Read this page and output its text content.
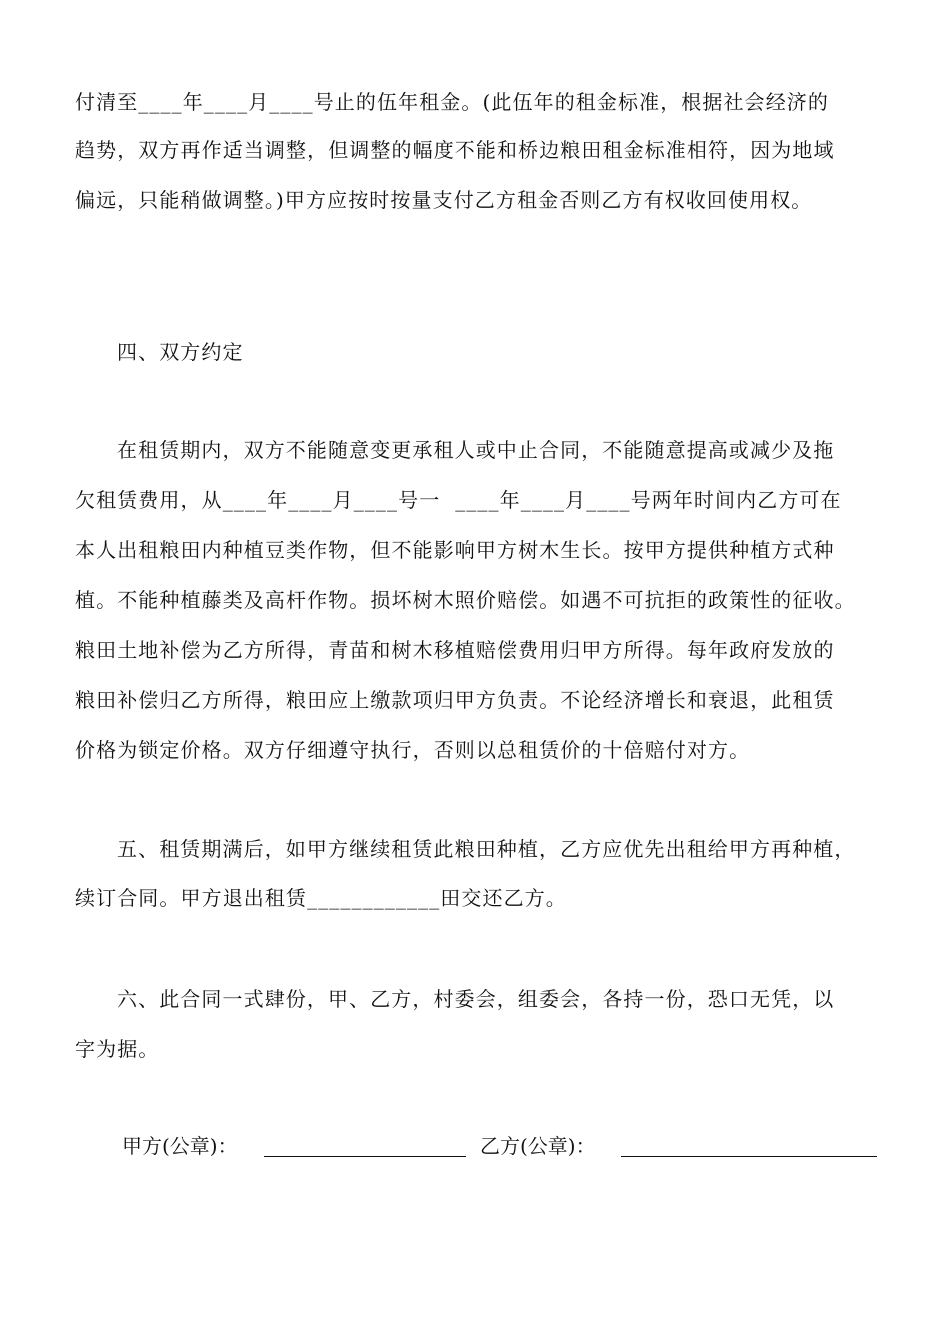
付清至____年____月____号止的伍年租金。(此伍年的租金标准，根据社会经济的
趋势，双方再作适当调整，但调整的幅度不能和桥边粮田租金标准相符，因为地域
偏远，只能稍做调整。)甲方应按时按量支付乙方租金否则乙方有权收回使用权。
四、双方约定
在租赁期内，双方不能随意变更承租人或中止合同，不能随意提高或减少及拖
欠租赁费用，从____年____月____号一  ____年____月____号两年时间内乙方可在
本人出租粮田内种植豆类作物，但不能影响甲方树木生长。按甲方提供种植方式种
植。不能种植藤类及高杆作物。损坏树木照价赔偿。如遇不可抗拒的政策性的征收。
粮田土地补偿为乙方所得，青苗和树木移植赔偿费用归甲方所得。每年政府发放的
粮田补偿归乙方所得，粮田应上缴款项归甲方负责。不论经济增长和衰退，此租赁
价格为锁定价格。双方仔细遵守执行，否则以总租赁价的十倍赔付对方。
五、租赁期满后，如甲方继续租赁此粮田种植，乙方应优先出租给甲方再种植，
续订合同。甲方退出租赁____________田交还乙方。
六、此合同一式肆份，甲、乙方，村委会，组委会，各持一份，恐口无凭，以
字为据。

甲方(公章)：

	乙方(公章)：
